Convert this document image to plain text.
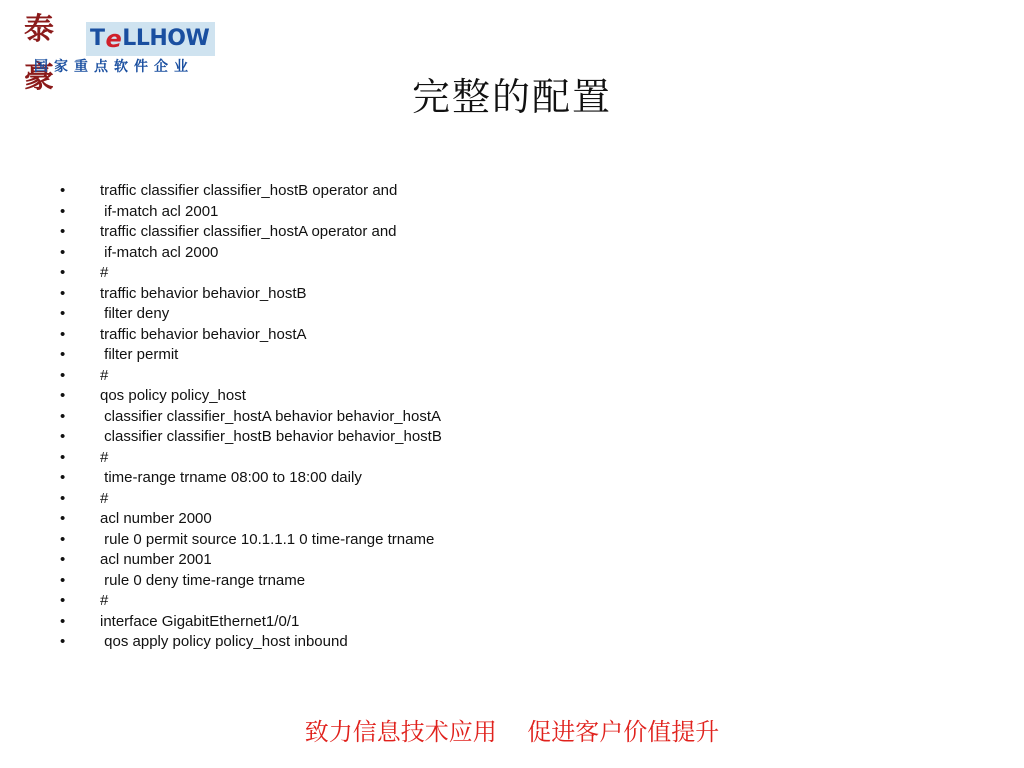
泰豪
T e LLHOW
国家重点软件企业
完整的配置
• traffic classifier classifier_hostB operator and
• if-match acl 2001
• traffic classifier classifier_hostA operator and
• if-match acl 2000
• #
• traffic behavior behavior_hostB
• filter deny
• traffic behavior behavior_hostA
• filter permit
• #
• qos policy policy_host
• classifier classifier_hostA behavior behavior_hostA
• classifier classifier_hostB behavior behavior_hostB
• #
• time-range trname 08:00 to 18:00 daily
• #
• acl number 2000
• rule 0 permit source 10.1.1.1 0 time-range trname
• acl number 2001
• rule 0 deny time-range trname
• #
• interface GigabitEthernet1/0/1
• qos apply policy policy_host inbound
致力信息技术应用    促进客户价值提升
